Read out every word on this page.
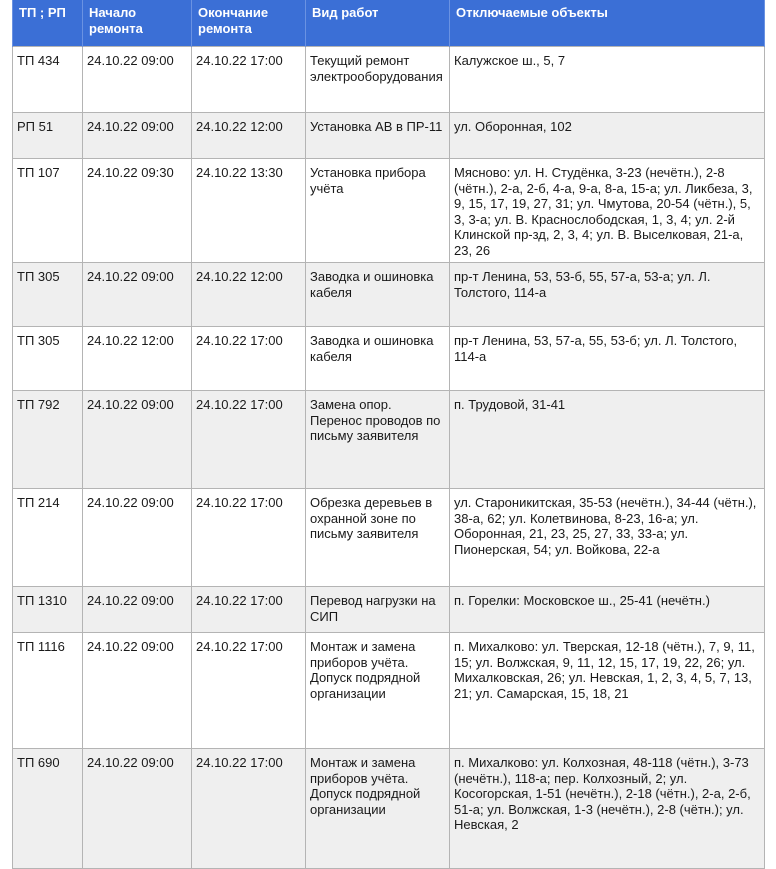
ТП ; РП	Начало ремонта	Окончание ремонта	Вид работ	Отключаемые объекты
ТП 434	24.10.22 09:00	24.10.22 17:00	Текущий ремонт электрооборудования	Калужское ш., 5, 7
РП 51	24.10.22 09:00	24.10.22 12:00	Установка АВ в ПР-11	ул. Оборонная, 102
ТП 107	24.10.22 09:30	24.10.22 13:30	Установка прибора учёта	Мясново: ул. Н. Студёнка, 3-23 (нечётн.), 2-8 (чётн.), 2-а, 2-б, 4-а, 9-а, 8-а, 15-а; ул. Ликбеза, 3, 9, 15, 17, 19, 27, 31; ул. Чмутова, 20-54 (чётн.), 5, 3, 3-а; ул. В. Краснослободская, 1, 3, 4; ул. 2-й Клинской пр-зд, 2, 3, 4; ул. В. Выселковая, 21-а, 23, 26
ТП 305	24.10.22 09:00	24.10.22 12:00	Заводка и ошиновка кабеля	пр-т Ленина, 53, 53-б, 55, 57-а, 53-а; ул. Л. Толстого, 114-а
ТП 305	24.10.22 12:00	24.10.22 17:00	Заводка и ошиновка кабеля	пр-т Ленина, 53, 57-а, 55, 53-б; ул. Л. Толстого, 114-а
ТП 792	24.10.22 09:00	24.10.22 17:00	Замена опор. Перенос проводов по письму заявителя	п. Трудовой, 31-41
ТП 214	24.10.22 09:00	24.10.22 17:00	Обрезка деревьев в охранной зоне по письму заявителя	ул. Староникитская, 35-53 (нечётн.), 34-44 (чётн.), 38-а, 62; ул. Колетвинова, 8-23, 16-а; ул. Оборонная, 21, 23, 25, 27, 33, 33-а; ул. Пионерская, 54; ул. Войкова, 22-а
ТП 1310	24.10.22 09:00	24.10.22 17:00	Перевод нагрузки на СИП	п. Горелки: Московское ш., 25-41 (нечётн.)
ТП 1116	24.10.22 09:00	24.10.22 17:00	Монтаж и замена приборов учёта. Допуск подрядной организации	п. Михалково: ул. Тверская, 12-18 (чётн.), 7, 9, 11, 15; ул. Волжская, 9, 11, 12, 15, 17, 19, 22, 26; ул. Михалковская, 26; ул. Невская, 1, 2, 3, 4, 5, 7, 13, 21; ул. Самарская, 15, 18, 21
ТП 690	24.10.22 09:00	24.10.22 17:00	Монтаж и замена приборов учёта. Допуск подрядной организации	п. Михалково: ул. Колхозная, 48-118 (чётн.), 3-73 (нечётн.), 118-а; пер. Колхозный, 2; ул. Косогорская, 1-51 (нечётн.), 2-18 (чётн.), 2-а, 2-б, 51-а; ул. Волжская, 1-3 (нечётн.), 2-8 (чётн.); ул. Невская, 2
